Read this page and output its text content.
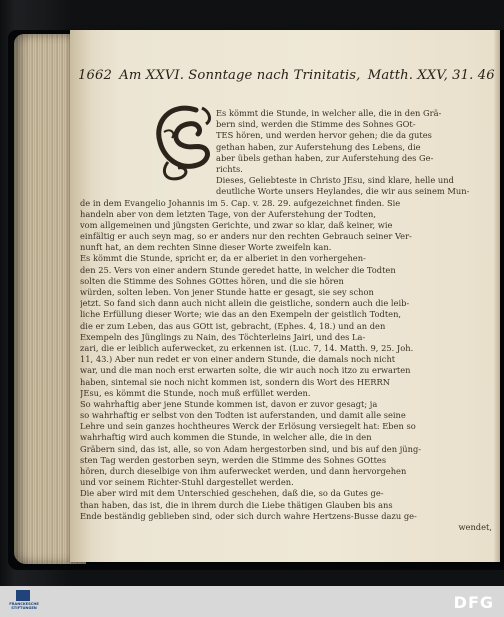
1662 Am XXVI. Sonntage nach Trinitatis, Matth. XXV, 31. 46
Es kömmt die Stunde, in welcher alle, die in den Grä-
bern sind, werden die Stimme des Sohnes GOt-
TES hören, und werden hervor gehen; die da gutes
gethan haben, zur Auferstehung des Lebens, die
aber übels gethan haben, zur Auferstehung des Ge-
richts.
Dieses, Geliebteste in Christo JEsu, sind klare, helle und
deutliche Worte unsers Heylandes, die wir aus seinem Mun-
de in dem Evangelio Johannis im 5. Cap. v. 28. 29. aufgezeichnet finden. Sie
handeln aber von dem letzten Tage, von der Auferstehung der Todten,
vom allgemeinen und jüngsten Gerichte, und zwar so klar, daß keiner, wie
einfältig er auch seyn mag, so er anders nur den rechten Gebrauch seiner Ver-
nunft hat, an dem rechten Sinne dieser Worte zweifeln kan.
Es kömmt die Stunde, spricht er, da er alberiet in den vorhergehen-
den 25. Vers von einer andern Stunde geredet hatte, in welcher die Todten
solten die Stimme des Sohnes GOttes hören, und die sie hören
würden, solten leben. Von jener Stunde hatte er gesagt, sie sey schon
jetzt. So fand sich dann auch nicht allein die geistliche, sondern auch die leib-
liche Erfüllung dieser Worte; wie das an den Exempeln der geistlich Todten,
die er zum Leben, das aus GOtt ist, gebracht, (Ephes. 4, 18.) und an den
Exempeln des Jünglings zu Nain, des Töchterleins Jairi, und des La-
zari, die er leiblich auferwecket, zu erkennen ist. (Luc. 7, 14. Matth. 9, 25. Joh.
11, 43.) Aber nun redet er von einer andern Stunde, die damals noch nicht
war, und die man noch erst erwarten solte, die wir auch noch itzo zu erwarten
haben, sintemal sie noch nicht kommen ist, sondern dis Wort des HERRN
JEsu, es kömmt die Stunde, noch muß erfüllet werden.
So wahrhaftig aber jene Stunde kommen ist, davon er zuvor gesagt; ja
so wahrhaftig er selbst von den Todten ist auferstanden, und damit alle seine
Lehre und sein ganzes hochtheures Werck der Erlösung versiegelt hat: Eben so
wahrhaftig wird auch kommen die Stunde, in welcher alle, die in den
Gräbern sind, das ist, alle, so von Adam hergestorben sind, und bis auf den jüng-
sten Tag werden gestorben seyn, werden die Stimme des Sohnes GOttes
hören, durch dieselbige von ihm auferwecket werden, und dann hervorgehen
und vor seinem Richter-Stuhl dargestellet werden.
Die aber wird mit dem Unterschied geschehen, daß die, so da Gutes ge-
than haben, das ist, die in ihrem durch die Liebe thätigen Glauben bis ans
Ende beständig geblieben sind, oder sich durch wahre Hertzens-Busse dazu ge-
wendet,
FRANCKESCHE STIFTUNGEN	DFG
